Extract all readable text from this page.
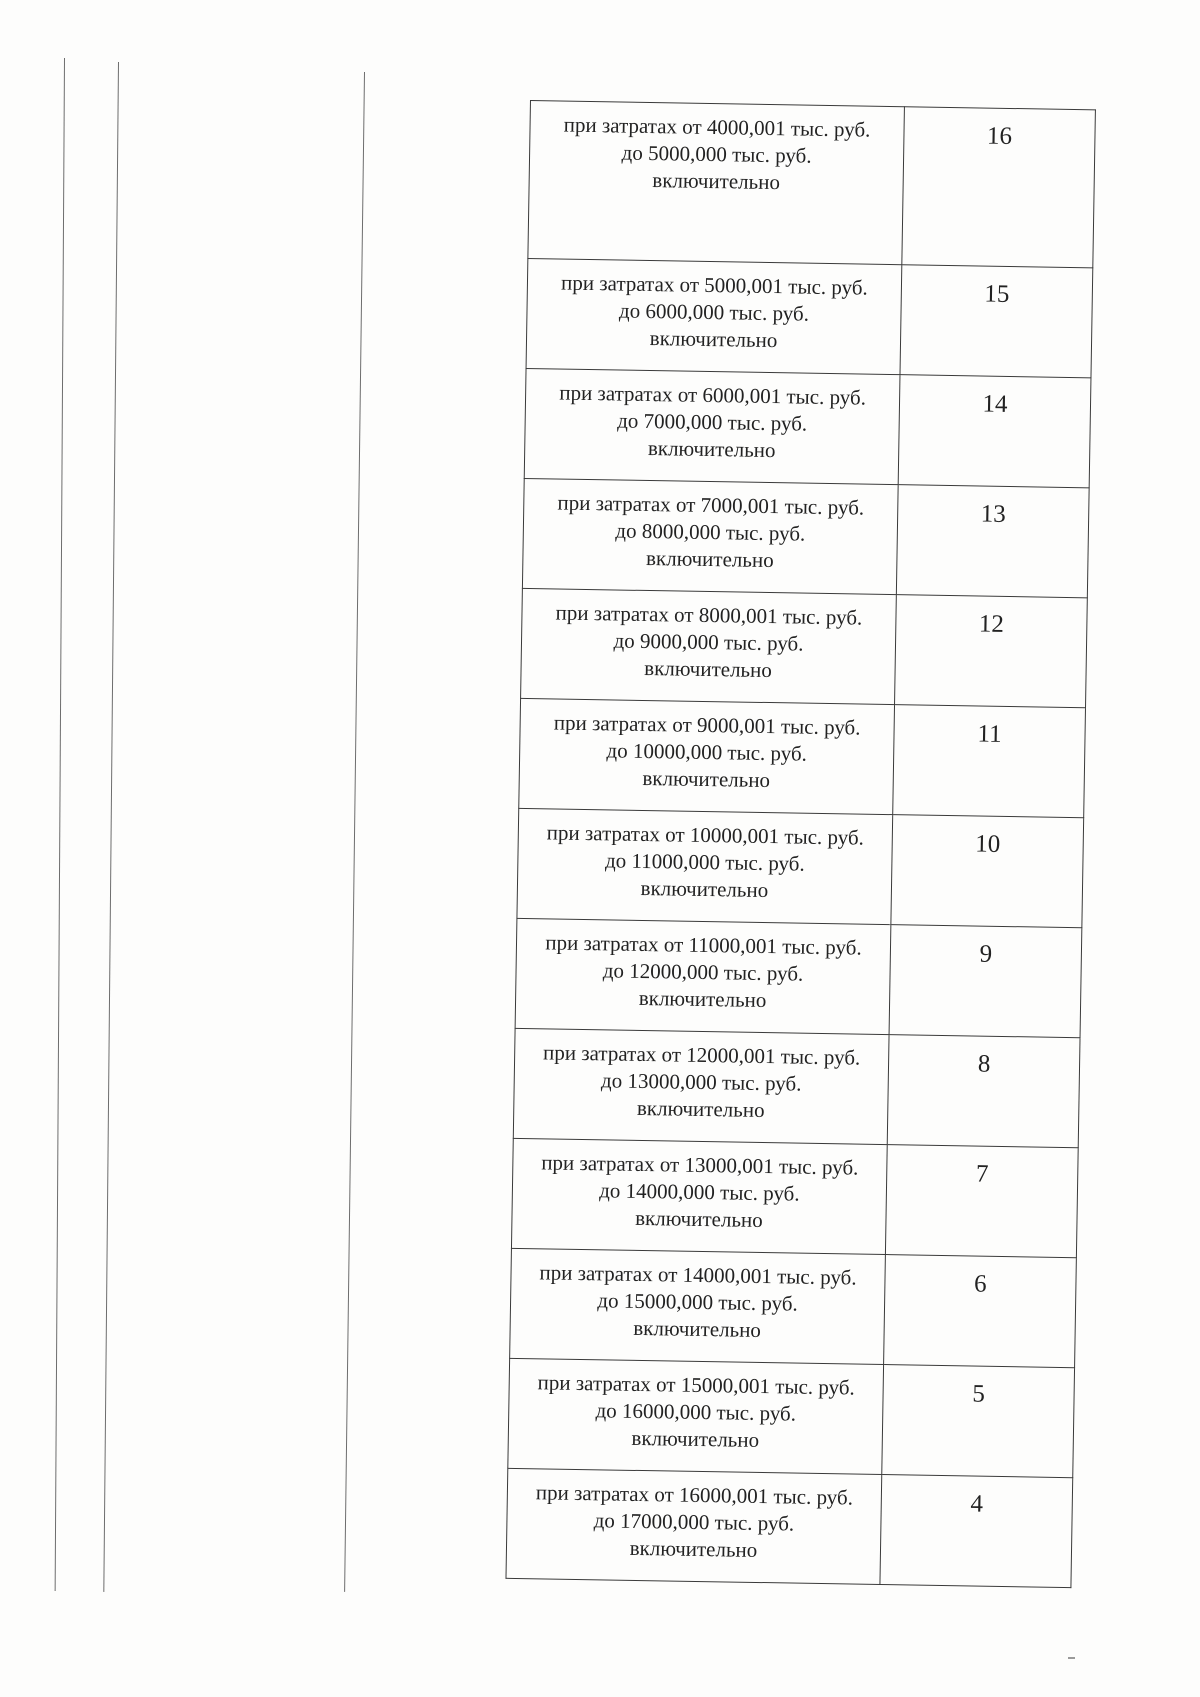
при затратах от 4000,001 тыс. руб.
до 5000,000 тыс. руб.
включительно	16

при затратах от 5000,001 тыс. руб.
до 6000,000 тыс. руб.
включительно	15

при затратах от 6000,001 тыс. руб.
до 7000,000 тыс. руб.
включительно	14

при затратах от 7000,001 тыс. руб.
до 8000,000 тыс. руб.
включительно	13

при затратах от 8000,001 тыс. руб.
до 9000,000 тыс. руб.
включительно	12

при затратах от 9000,001 тыс. руб.
до 10000,000 тыс. руб.
включительно	11

при затратах от 10000,001 тыс. руб.
до 11000,000 тыс. руб.
включительно	10

при затратах от 11000,001 тыс. руб.
до 12000,000 тыс. руб.
включительно	9

при затратах от 12000,001 тыс. руб.
до 13000,000 тыс. руб.
включительно	8

при затратах от 13000,001 тыс. руб.
до 14000,000 тыс. руб.
включительно	7

при затратах от 14000,001 тыс. руб.
до 15000,000 тыс. руб.
включительно	6

при затратах от 15000,001 тыс. руб.
до 16000,000 тыс. руб.
включительно	5

при затратах от 16000,001 тыс. руб.
до 17000,000 тыс. руб.
включительно	4
